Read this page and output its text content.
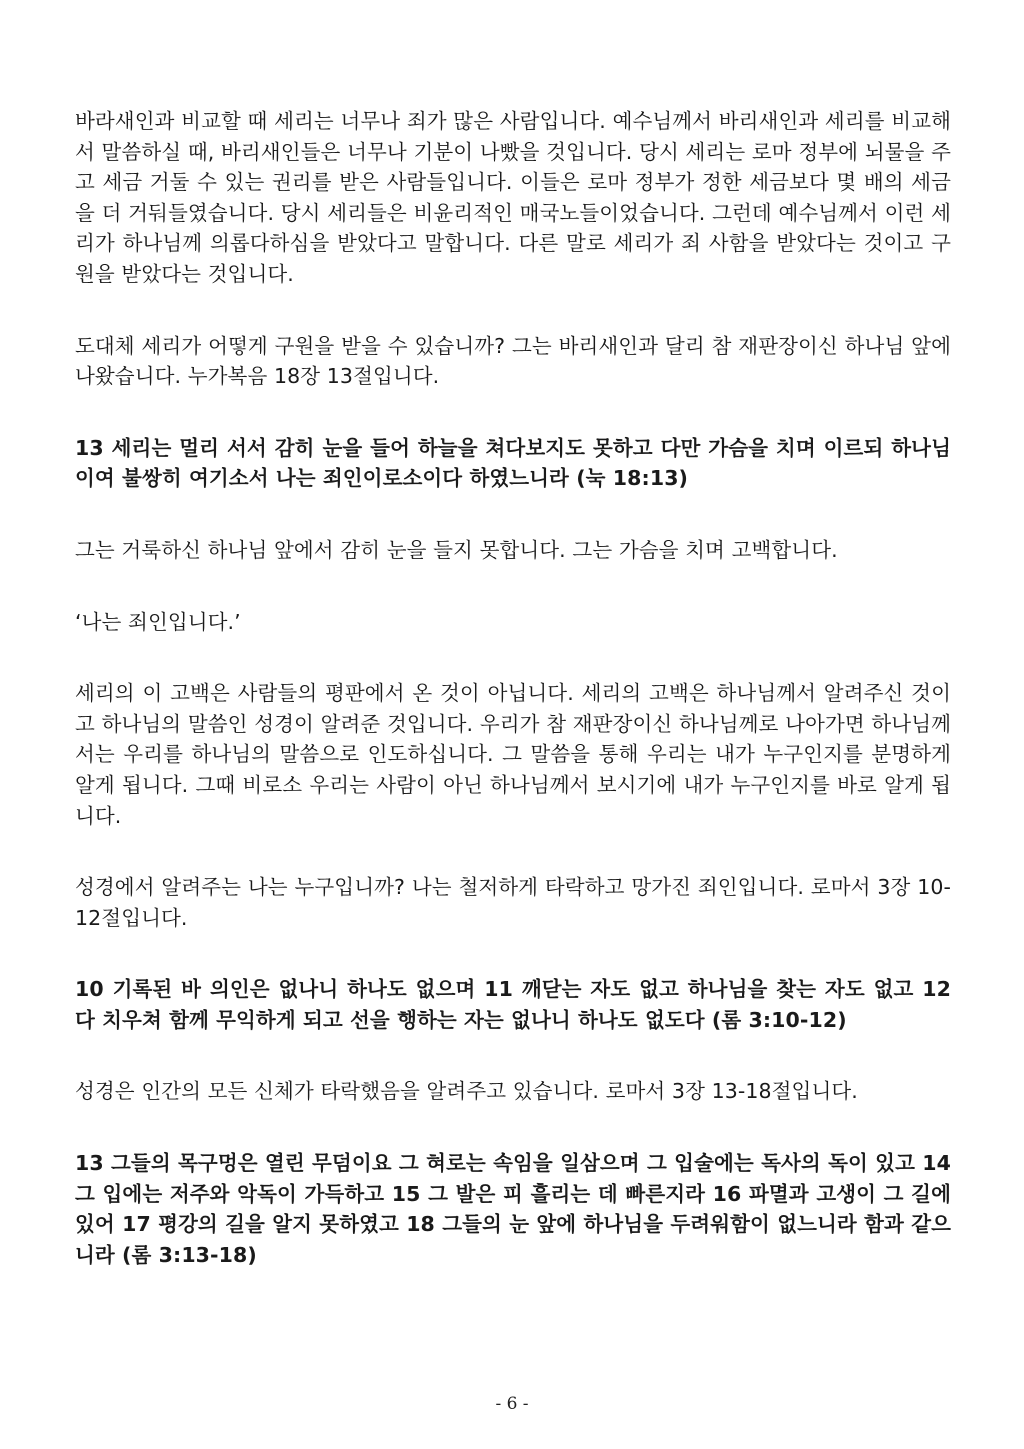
바라새인과 비교할 때 세리는 너무나 죄가 많은 사람입니다. 예수님께서 바리새인과 세리를 비교해서 말씀하실 때, 바리새인들은 너무나 기분이 나빴을 것입니다. 당시 세리는 로마 정부에 뇌물을 주고 세금 거둘 수 있는 권리를 받은 사람들입니다. 이들은 로마 정부가 정한 세금보다 몇 배의 세금을 더 거둬들였습니다. 당시 세리들은 비윤리적인 매국노들이었습니다. 그런데 예수님께서 이런 세리가 하나님께 의롭다하심을 받았다고 말합니다. 다른 말로 세리가 죄 사함을 받았다는 것이고 구원을 받았다는 것입니다.

도대체 세리가 어떻게 구원을 받을 수 있습니까? 그는 바리새인과 달리 참 재판장이신 하나님 앞에 나왔습니다. 누가복음 18장 13절입니다.

13 세리는 멀리 서서 감히 눈을 들어 하늘을 쳐다보지도 못하고 다만 가슴을 치며 이르되 하나님이여 불쌍히 여기소서 나는 죄인이로소이다 하였느니라 (눅 18:13)

그는 거룩하신 하나님 앞에서 감히 눈을 들지 못합니다. 그는 가슴을 치며 고백합니다.

‘나는 죄인입니다.’

세리의 이 고백은 사람들의 평판에서 온 것이 아닙니다. 세리의 고백은 하나님께서 알려주신 것이고 하나님의 말씀인 성경이 알려준 것입니다. 우리가 참 재판장이신 하나님께로 나아가면 하나님께서는 우리를 하나님의 말씀으로 인도하십니다. 그 말씀을 통해 우리는 내가 누구인지를 분명하게 알게 됩니다. 그때 비로소 우리는 사람이 아닌 하나님께서 보시기에 내가 누구인지를 바로 알게 됩니다.

성경에서 알려주는 나는 누구입니까? 나는 철저하게 타락하고 망가진 죄인입니다. 로마서 3장 10-12절입니다.

10 기록된 바 의인은 없나니 하나도 없으며 11 깨닫는 자도 없고 하나님을 찾는 자도 없고 12 다 치우쳐 함께 무익하게 되고 선을 행하는 자는 없나니 하나도 없도다 (롬 3:10-12)

성경은 인간의 모든 신체가 타락했음을 알려주고 있습니다. 로마서 3장 13-18절입니다.

13 그들의 목구멍은 열린 무덤이요 그 혀로는 속임을 일삼으며 그 입술에는 독사의 독이 있고 14 그 입에는 저주와 악독이 가득하고 15 그 발은 피 흘리는 데 빠른지라 16 파멸과 고생이 그 길에 있어 17 평강의 길을 알지 못하였고 18 그들의 눈 앞에 하나님을 두려워함이 없느니라 함과 같으니라 (롬 3:13-18)

- 6 -
